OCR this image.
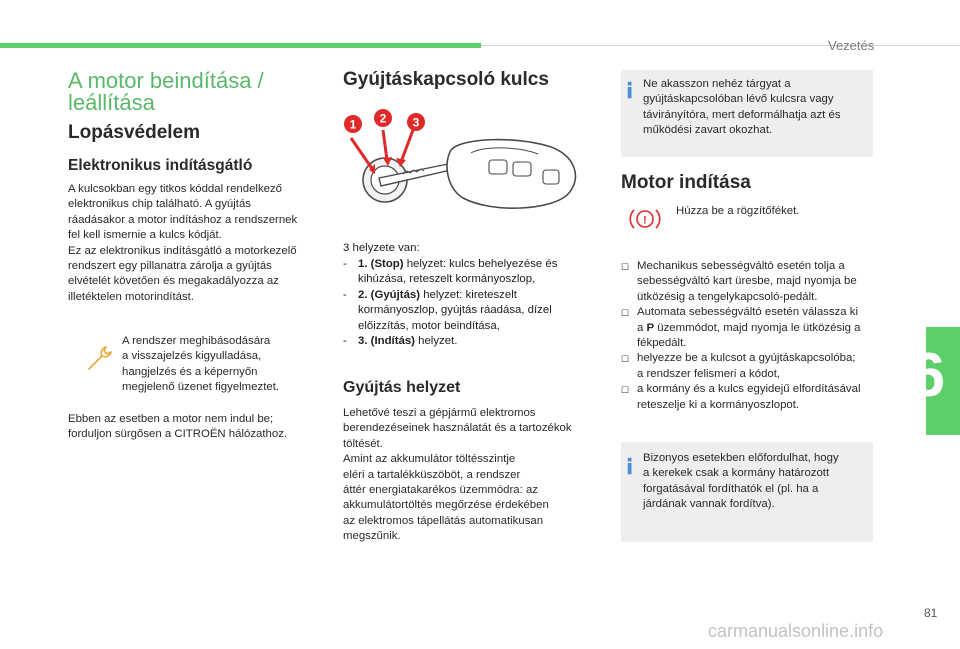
Vezetés
6
A motor beindítása /
leállítása
Lopásvédelem
Elektronikus indításgátló

A kulcsokban egy titkos kóddal rendelkező

elektronikus chip található. A gyújtás

ráadásakor a motor indításhoz a rendszernek

fel kell ismernie a kulcs kódját.

Ez az elektronikus indításgátló a motorkezelő

rendszert egy pillanatra zárolja a gyújtás

elvételét követően és megakadályozza az

illetéktelen motorindítást.

A rendszer meghibásodására

a visszajelzés kigyulladása,

hangjelzés és a képernyőn

megjelenő üzenet figyelmeztet.

Ebben az esetben a motor nem indul be;

forduljon sürgősen a CITROËN hálózathoz.

Gyújtáskapcsoló kulcs
1 2 3
3 helyzete van:
- 1. (Stop) helyzet: kulcs behelyezése és
kihúzása, reteszelt kormányoszlop,
- 2. (Gyújtás) helyzet: kireteszelt
kormányoszlop, gyújtás ráadása, dízel
előizzítás, motor beindítása,
- 3. (Indítás) helyzet.
Gyújtás helyzet

Lehetővé teszi a gépjármű elektromos

berendezéseinek használatát és a tartozékok

töltését.

Amint az akkumulátor töltésszintje

eléri a tartalékküszöböt, a rendszer

áttér energiatakarékos üzemmódra: az

akkumulátortöltés megőrzése érdekében

az elektromos tápellátás automatikusan

megszűnik.

Ne akasszon nehéz tárgyat a

gyújtáskapcsolóban lévő kulcsra vagy

távirányítóra, mert deformálhatja azt és

működési zavart okozhat.

Motor indítása
!
Húzza be a rögzítőféket.
☐ Mechanikus sebességváltó esetén tolja a
sebességváltó kart üresbe, majd nyomja be
ütközésig a tengelykapcsoló-pedált.
☐ Automata sebességváltó esetén válassza ki
a P üzemmódot, majd nyomja le ütközésig a
fékpedált.
☐ helyezze be a kulcsot a gyújtáskapcsolóba;
a rendszer felismeri a kódot,
☐ a kormány és a kulcs egyidejű elfordításával
reteszelje ki a kormányoszlopot.

Bizonyos esetekben előfordulhat, hogy

a kerekek csak a kormány határozott

forgatásával fordíthatók el (pl. ha a

járdának vannak fordítva).

81
carmanualsonline.info
